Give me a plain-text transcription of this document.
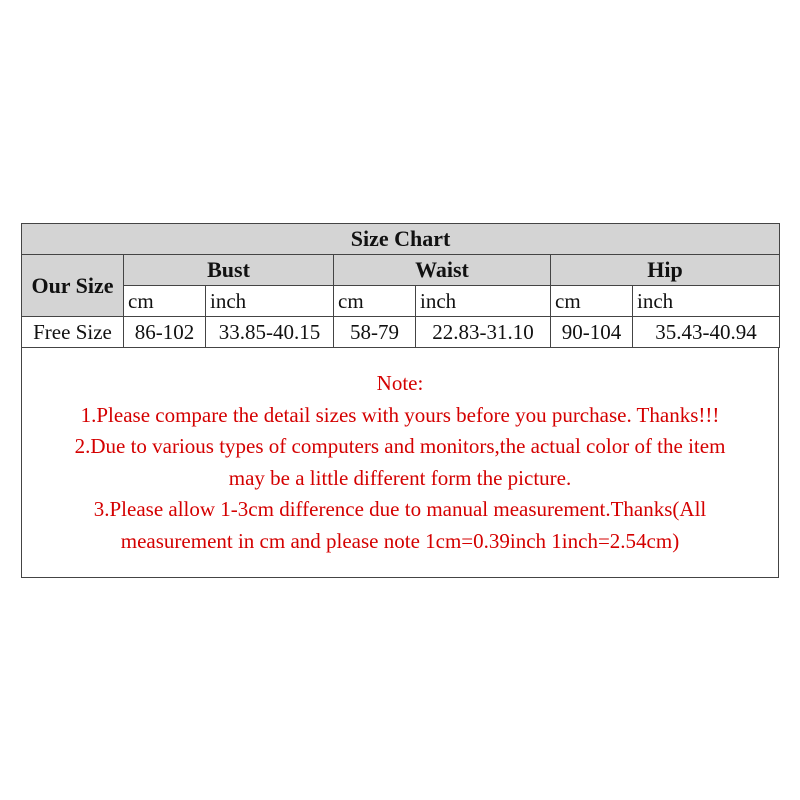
Size Chart						
Our Size	Bust		Waist		Hip	
	cm	inch	cm	inch	cm	inch
Free Size	86-102	33.85-40.15	58-79	22.83-31.10	90-104	35.43-40.94
Note:
1.Please compare the detail sizes with yours before you purchase. Thanks!!!
2.Due to various types of computers and monitors,the actual color of the item
may be a little different form the picture.
3.Please allow 1-3cm difference due to manual measurement.Thanks(All
measurement in cm and please note 1cm=0.39inch 1inch=2.54cm)
